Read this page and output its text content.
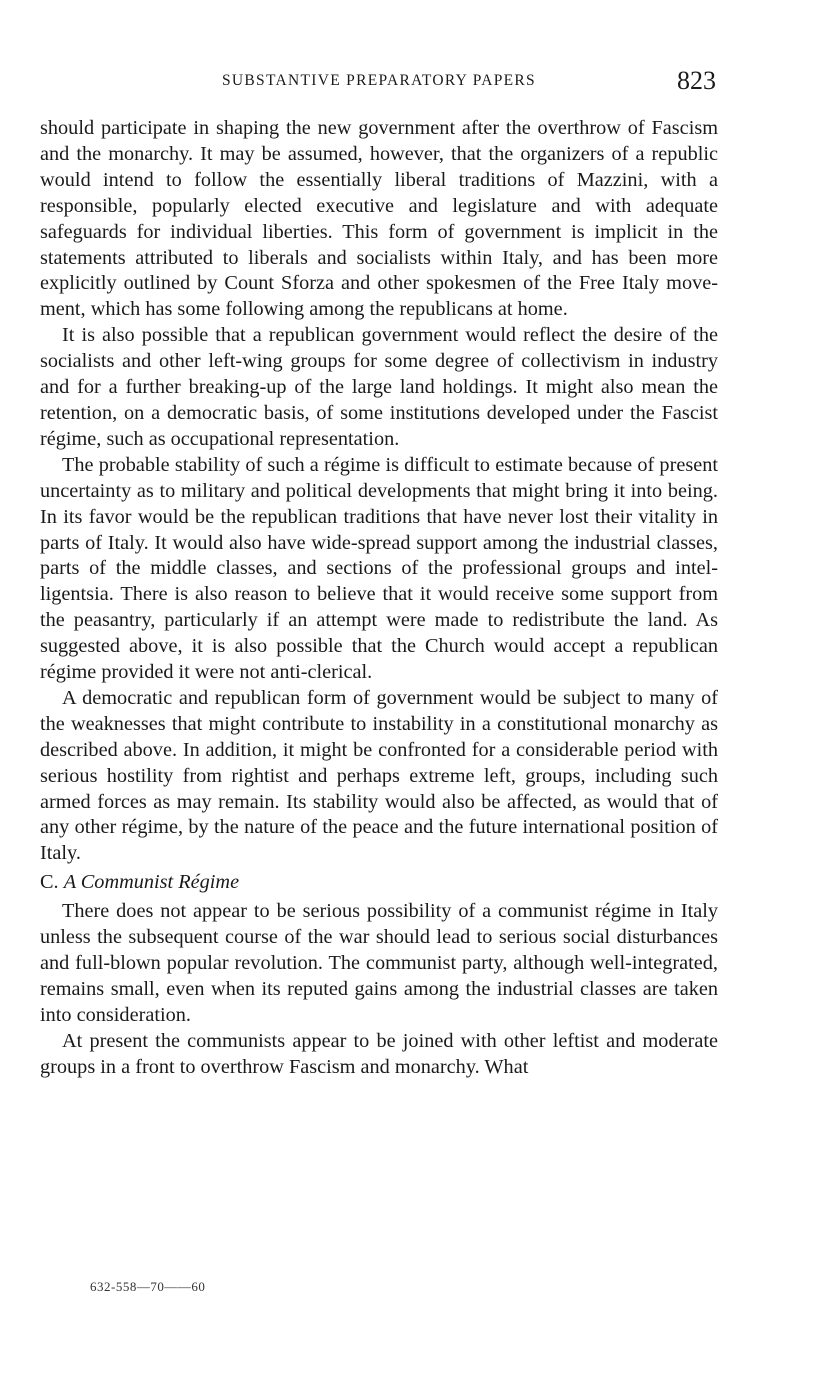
SUBSTANTIVE PREPARATORY PAPERS	823

should participate in shaping the new government after the overthrow of Fascism and the monarchy. It may be assumed, however, that the organizers of a republic would intend to follow the essentially liberal traditions of Mazzini, with a responsible, popularly elected executive and legislature and with adequate safeguards for individual liberties. This form of government is implicit in the statements attributed to liberals and socialists within Italy, and has been more explicitly outlined by Count Sforza and other spokesmen of the Free Italy movement, which has some following among the republicans at home.

It is also possible that a republican government would reflect the desire of the socialists and other left-wing groups for some degree of collectivism in industry and for a further breaking-up of the large land holdings. It might also mean the retention, on a democratic basis, of some institutions developed under the Fascist régime, such as occupational representation.

The probable stability of such a régime is difficult to estimate because of present uncertainty as to military and political developments that might bring it into being. In its favor would be the republican traditions that have never lost their vitality in parts of Italy. It would also have wide-spread support among the industrial classes, parts of the middle classes, and sections of the professional groups and intelligentsia. There is also reason to believe that it would receive some support from the peasantry, particularly if an attempt were made to redistribute the land. As suggested above, it is also possible that the Church would accept a republican régime provided it were not anti-clerical.

A democratic and republican form of government would be subject to many of the weaknesses that might contribute to instability in a constitutional monarchy as described above. In addition, it might be confronted for a considerable period with serious hostility from rightist and perhaps extreme left, groups, including such armed forces as may remain. Its stability would also be affected, as would that of any other régime, by the nature of the peace and the future international position of Italy.

C. A Communist Régime

There does not appear to be serious possibility of a communist régime in Italy unless the subsequent course of the war should lead to serious social disturbances and full-blown popular revolution. The communist party, although well-integrated, remains small, even when its reputed gains among the industrial classes are taken into consideration.

At present the communists appear to be joined with other leftist and moderate groups in a front to overthrow Fascism and monarchy. What

632-558—70——60
